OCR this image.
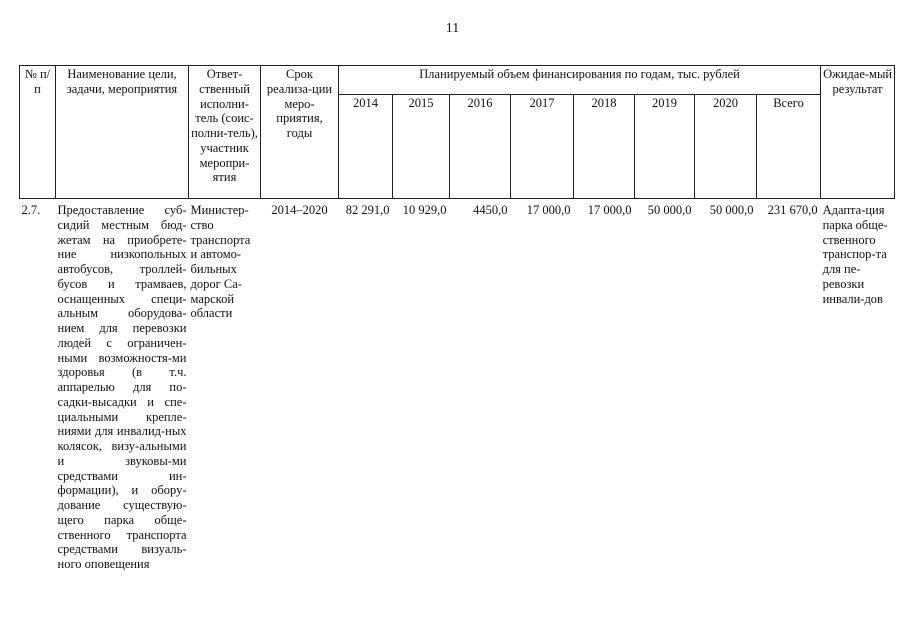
11
№ п/п	Наименование цели, задачи, мероприятия	Ответ-ственный исполни-тель (соис-полни-тель), участник меропри-ятия	Срок реализа-ции меро-приятия, годы	Планируемый объем финансирования по годам, тыс. рублей								Ожидае-мый результат
				2014	2015	2016	2017	2018	2019	2020	Всего	
2.7.	Предоставление суб-сидий местным бюд-жетам на приобрете-ние низкопольных автобусов, троллей-бусов и трамваев, оснащенных специ-альным оборудова-нием для перевозки людей с ограничен-ными возможностя-ми здоровья (в т.ч. аппарелью для по-садки-высадки и спе-циальными крепле-ниями для инвалид-ных колясок, визу-альными и звуковы-ми средствами ин-формации), и обору-дование существую-щего парка обще-ственного транспорта средствами визуаль-ного оповещения	Министер-ство транспорта и автомо-бильных дорог Са-марской области	2014–2020	82 291,0	10 929,0	4450,0	17 000,0	17 000,0	50 000,0	50 000,0	231 670,0	Адапта-ция парка обще-ственного транспор-та для пе-ревозки инвали-дов
